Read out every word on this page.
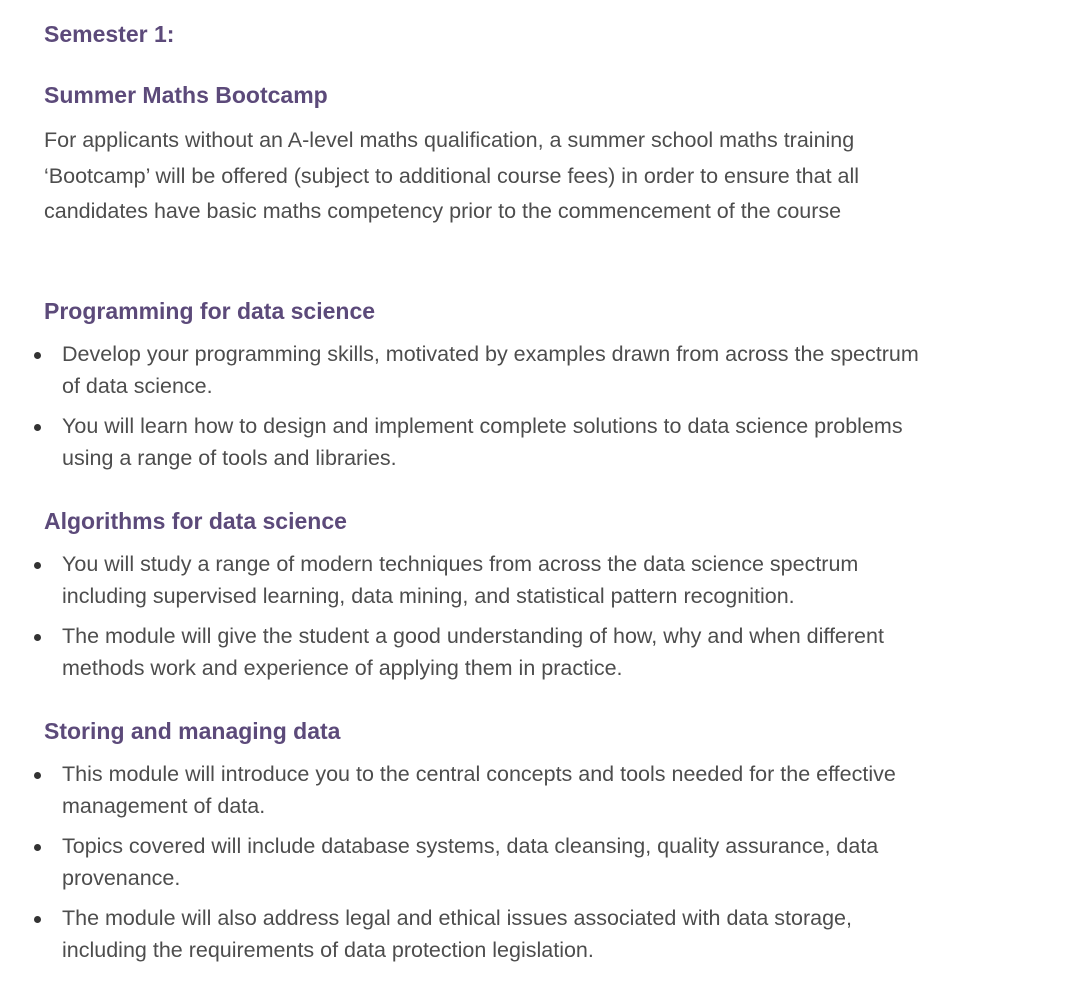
Semester 1:
Summer Maths Bootcamp

For applicants without an A-level maths qualification, a summer school maths training ‘Bootcamp’ will be offered (subject to additional course fees) in order to ensure that all candidates have basic maths competency prior to the commencement of the course

Programming for data science
Develop your programming skills, motivated by examples drawn from across the spectrum of data science.
You will learn how to design and implement complete solutions to data science problems using a range of tools and libraries.
Algorithms for data science
You will study a range of modern techniques from across the data science spectrum including supervised learning, data mining, and statistical pattern recognition.
The module will give the student a good understanding of how, why and when different methods work and experience of applying them in practice.
Storing and managing data
This module will introduce you to the central concepts and tools needed for the effective management of data.
Topics covered will include database systems, data cleansing, quality assurance, data provenance.
The module will also address legal and ethical issues associated with data storage, including the requirements of data protection legislation.
